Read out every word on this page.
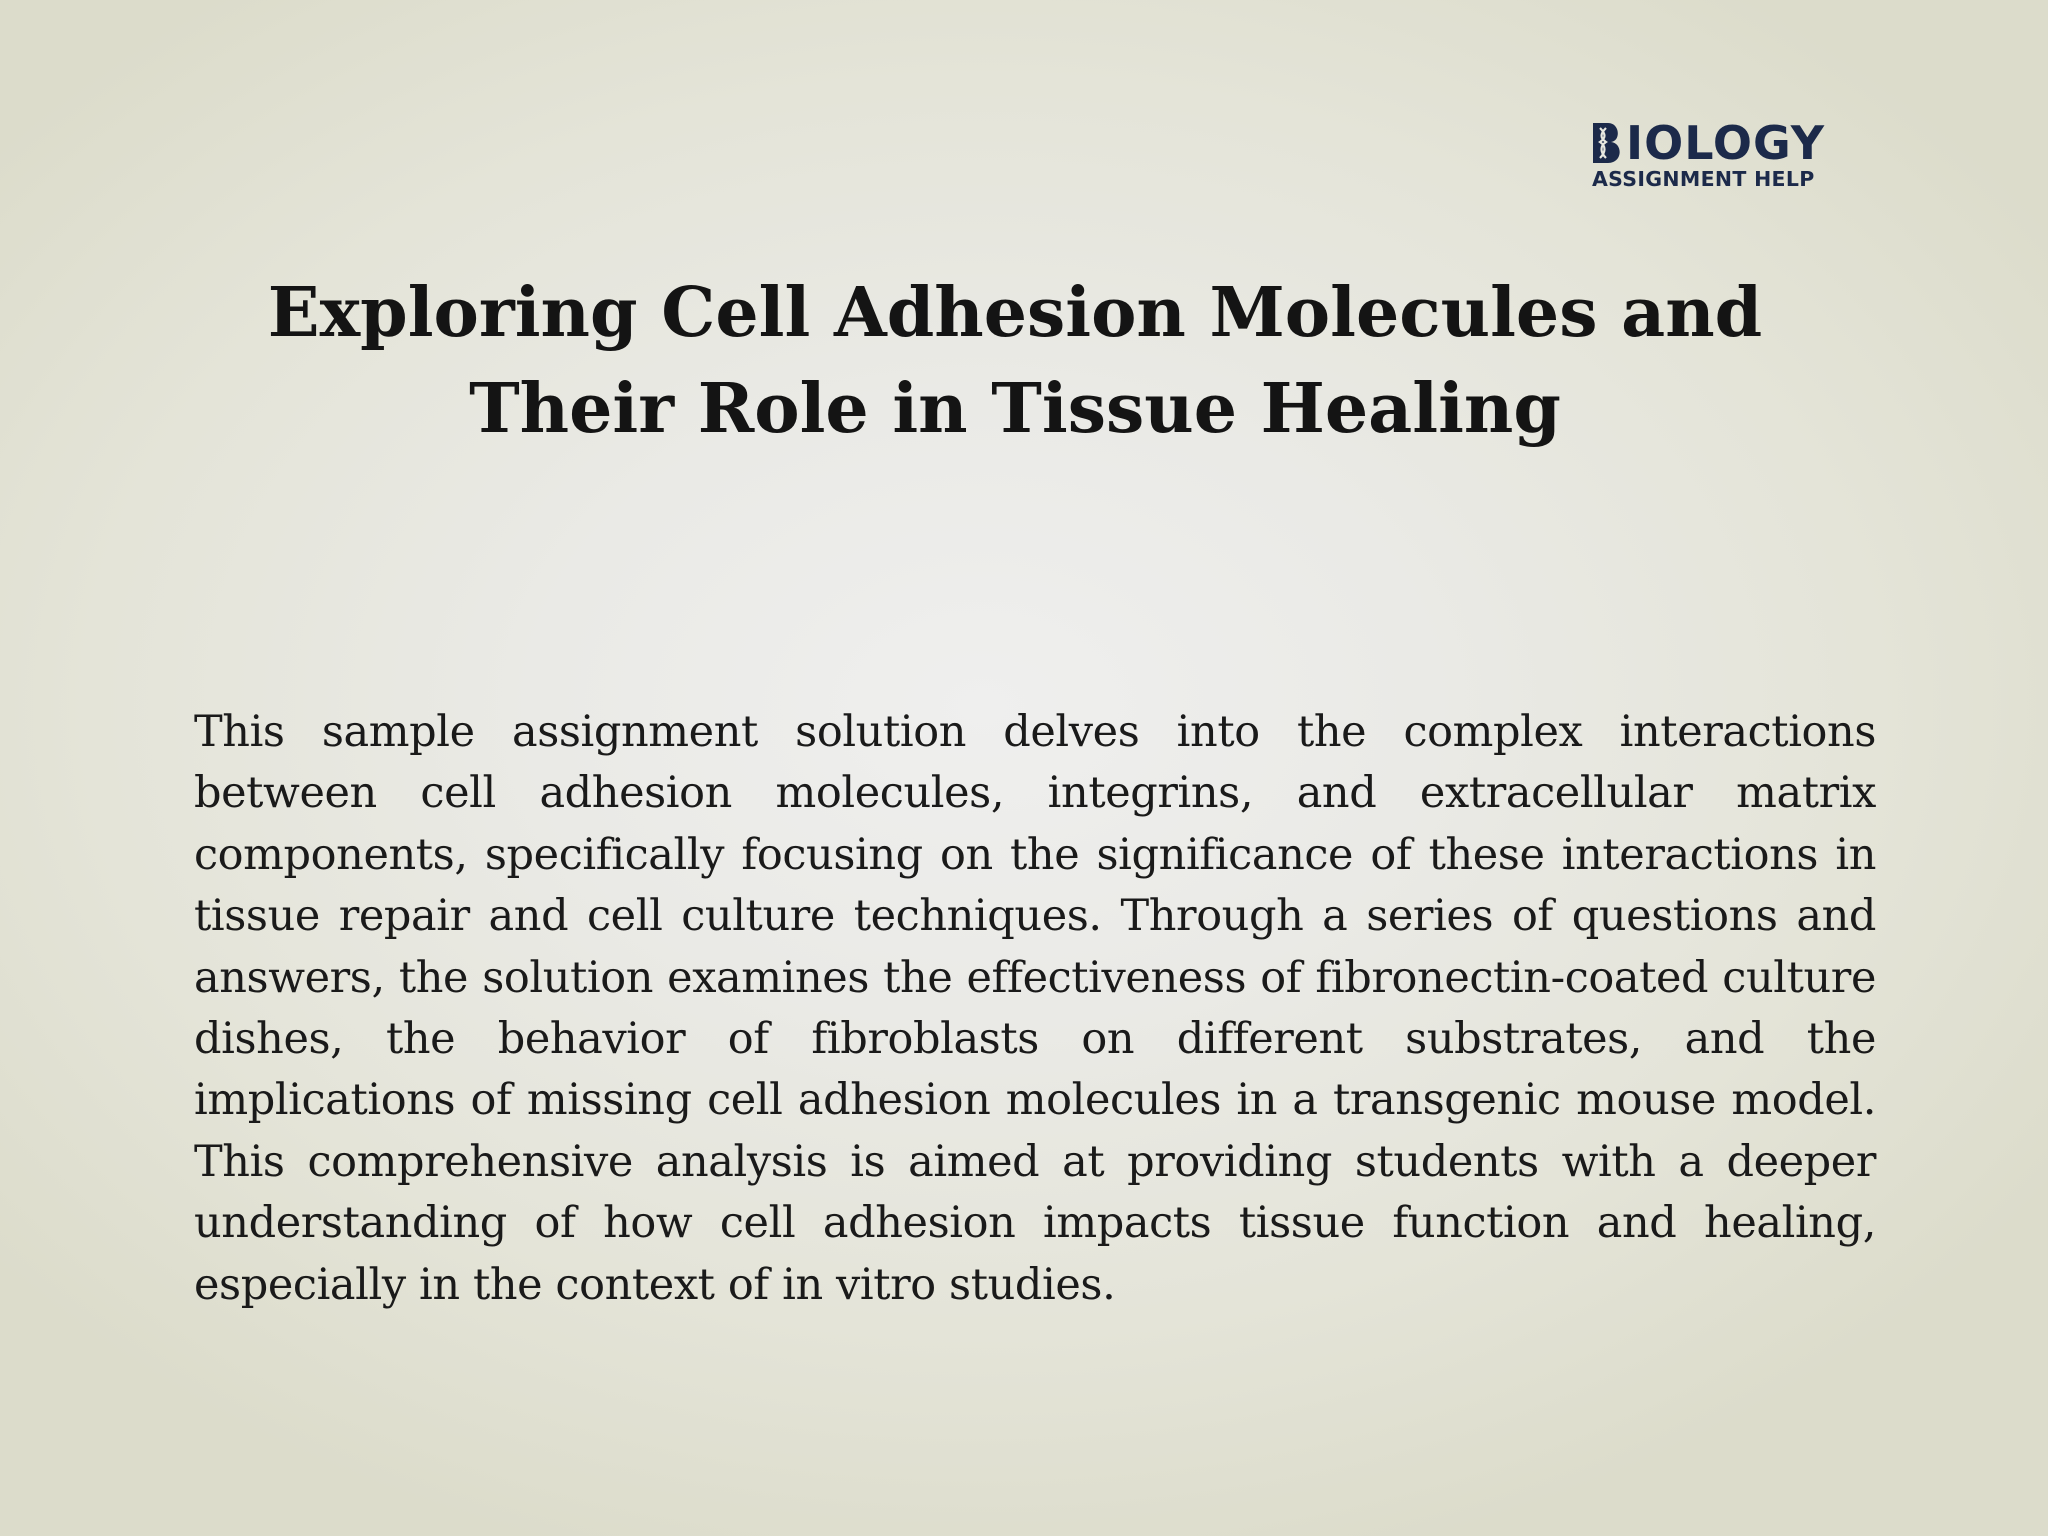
IOLOGY
ASSIGNMENT HELP
Exploring Cell Adhesion Molecules and
Their Role in Tissue Healing

This sample assignment solution delves into the complex interactions between cell adhesion molecules, integrins, and extracellular matrix components, specifically focusing on the significance of these interactions in tissue repair and cell culture techniques. Through a series of questions and answers, the solution examines the effectiveness of fibronectin-coated culture dishes, the behavior of fibroblasts on different substrates, and the implications of missing cell adhesion molecules in a transgenic mouse model. This comprehensive analysis is aimed at providing students with a deeper understanding of how cell adhesion impacts tissue function and healing, especially in the context of in vitro studies.
